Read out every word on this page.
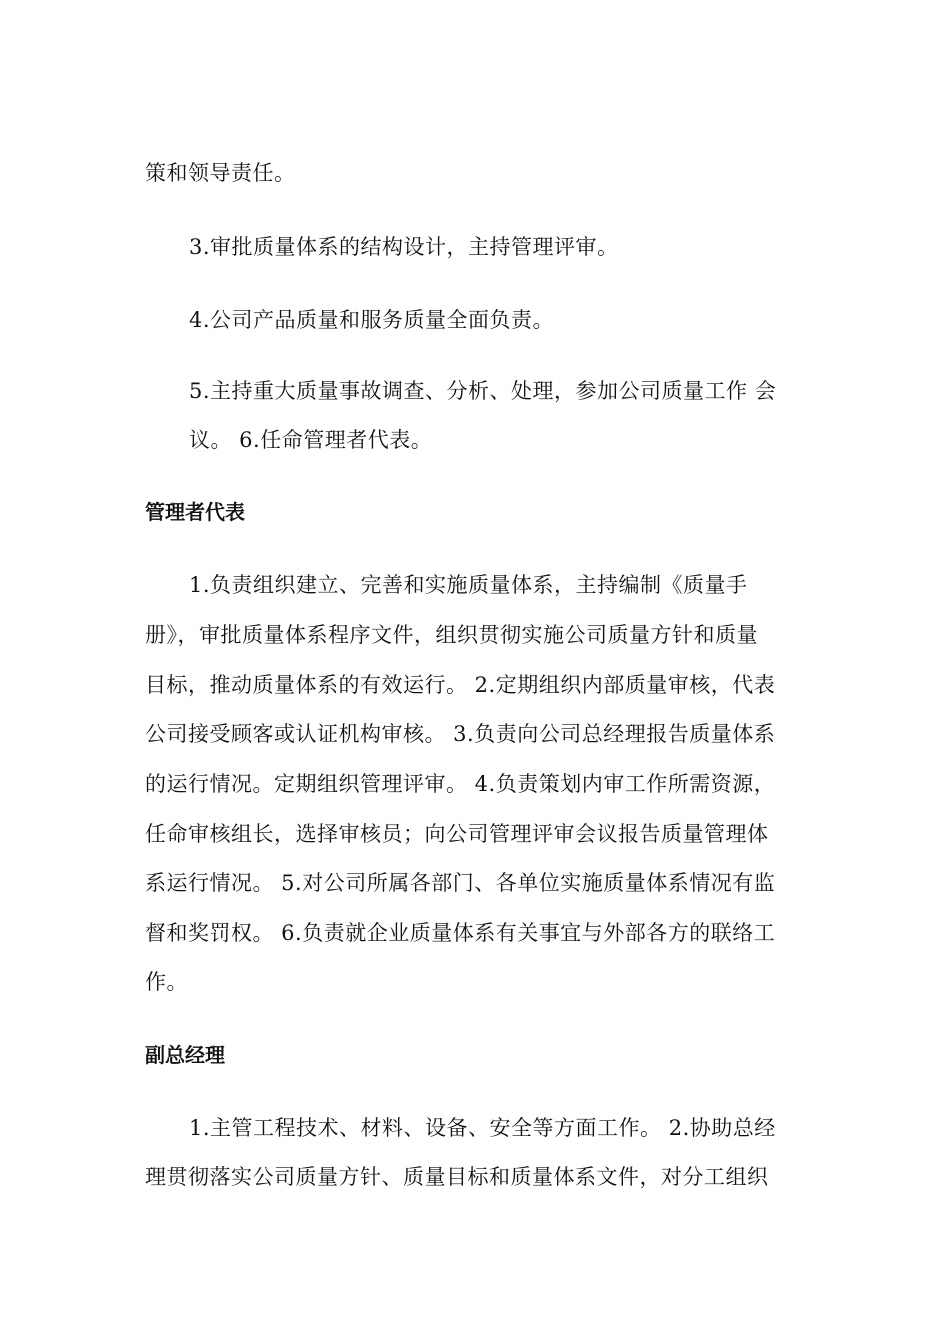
策和领导责任。
3.审批质量体系的结构设计，主持管理评审。
4.公司产品质量和服务质量全面负责。
5.主持重大质量事故调查、分析、处理，参加公司质量工作 会
议。 6.任命管理者代表。
管理者代表
1.负责组织建立、完善和实施质量体系，主持编制《质量手
册》，审批质量体系程序文件，组织贯彻实施公司质量方针和质量
目标，推动质量体系的有效运行。 2.定期组织内部质量审核，代表
公司接受顾客或认证机构审核。 3.负责向公司总经理报告质量体系
的运行情况。定期组织管理评审。 4.负责策划内审工作所需资源，
任命审核组长，选择审核员；向公司管理评审会议报告质量管理体
系运行情况。 5.对公司所属各部门、各单位实施质量体系情况有监
督和奖罚权。 6.负责就企业质量体系有关事宜与外部各方的联络工
作。
副总经理
1.主管工程技术、材料、设备、安全等方面工作。 2.协助总经
理贯彻落实公司质量方针、质量目标和质量体系文件，对分工组织
